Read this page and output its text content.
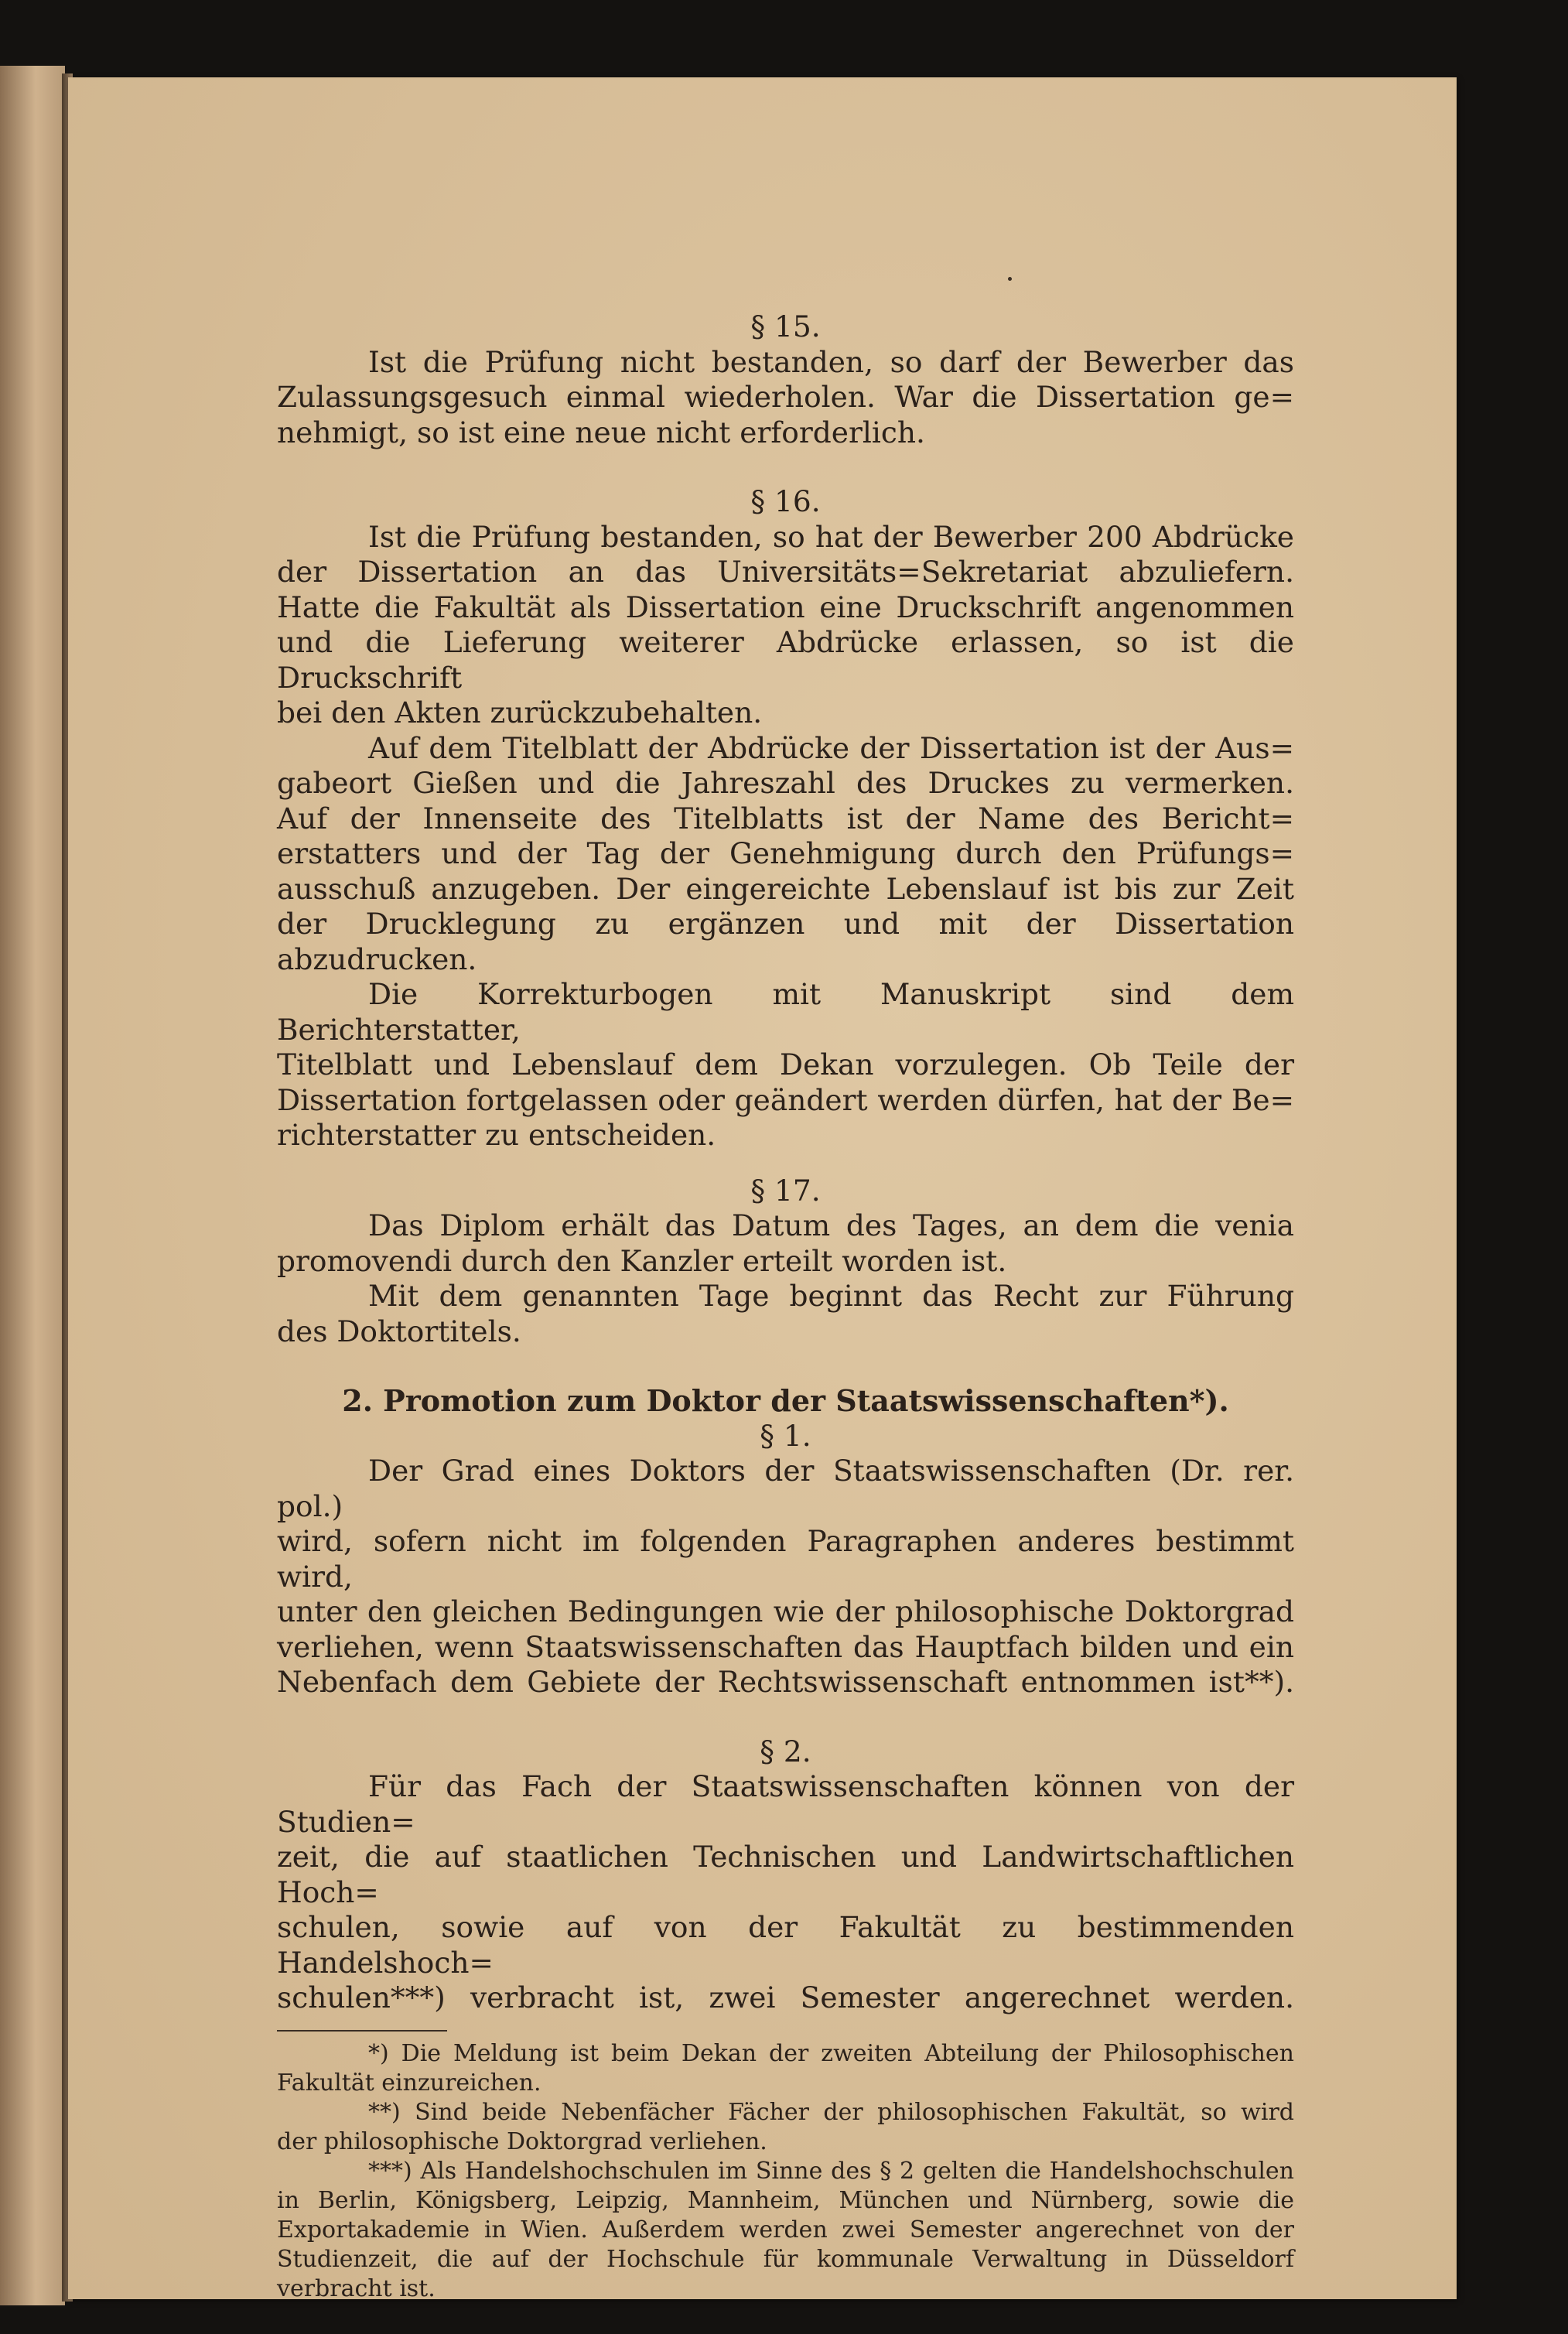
§ 15.

Ist die Prüfung nicht bestanden, so darf der Bewerber das

Zulassungsgesuch einmal wiederholen. War die Dissertation ge=

nehmigt, so ist eine neue nicht erforderlich.

§ 16.

Ist die Prüfung bestanden, so hat der Bewerber 200 Abdrücke

der Dissertation an das Universitäts=Sekretariat abzuliefern.

Hatte die Fakultät als Dissertation eine Druckschrift angenommen

und die Lieferung weiterer Abdrücke erlassen, so ist die Druckschrift

bei den Akten zurückzubehalten.

Auf dem Titelblatt der Abdrücke der Dissertation ist der Aus=

gabeort Gießen und die Jahreszahl des Druckes zu vermerken.

Auf der Innenseite des Titelblatts ist der Name des Bericht=

erstatters und der Tag der Genehmigung durch den Prüfungs=

ausschuß anzugeben. Der eingereichte Lebenslauf ist bis zur Zeit

der Drucklegung zu ergänzen und mit der Dissertation abzudrucken.

Die Korrekturbogen mit Manuskript sind dem Berichterstatter,

Titelblatt und Lebenslauf dem Dekan vorzulegen. Ob Teile der

Dissertation fortgelassen oder geändert werden dürfen, hat der Be=

richterstatter zu entscheiden.

§ 17.

Das Diplom erhält das Datum des Tages, an dem die venia

promovendi durch den Kanzler erteilt worden ist.

Mit dem genannten Tage beginnt das Recht zur Führung

des Doktortitels.

2. Promotion zum Doktor der Staatswissenschaften*).
§ 1.

Der Grad eines Doktors der Staatswissenschaften (Dr. rer. pol.)

wird, sofern nicht im folgenden Paragraphen anderes bestimmt wird,

unter den gleichen Bedingungen wie der philosophische Doktorgrad

verliehen, wenn Staatswissenschaften das Hauptfach bilden und ein

Nebenfach dem Gebiete der Rechtswissenschaft entnommen ist**).

§ 2.

Für das Fach der Staatswissenschaften können von der Studien=

zeit, die auf staatlichen Technischen und Landwirtschaftlichen Hoch=

schulen, sowie auf von der Fakultät zu bestimmenden Handelshoch=

schulen***) verbracht ist, zwei Semester angerechnet werden.

*) Die Meldung ist beim Dekan der zweiten Abteilung der Philosophischen

Fakultät einzureichen.

**) Sind beide Nebenfächer Fächer der philosophischen Fakultät, so wird

der philosophische Doktorgrad verliehen.

***) Als Handelshochschulen im Sinne des § 2 gelten die Handelshochschulen

in Berlin, Königsberg, Leipzig, Mannheim, München und Nürnberg, sowie die

Exportakademie in Wien. Außerdem werden zwei Semester angerechnet von der

Studienzeit, die auf der Hochschule für kommunale Verwaltung in Düsseldorf

verbracht ist.
